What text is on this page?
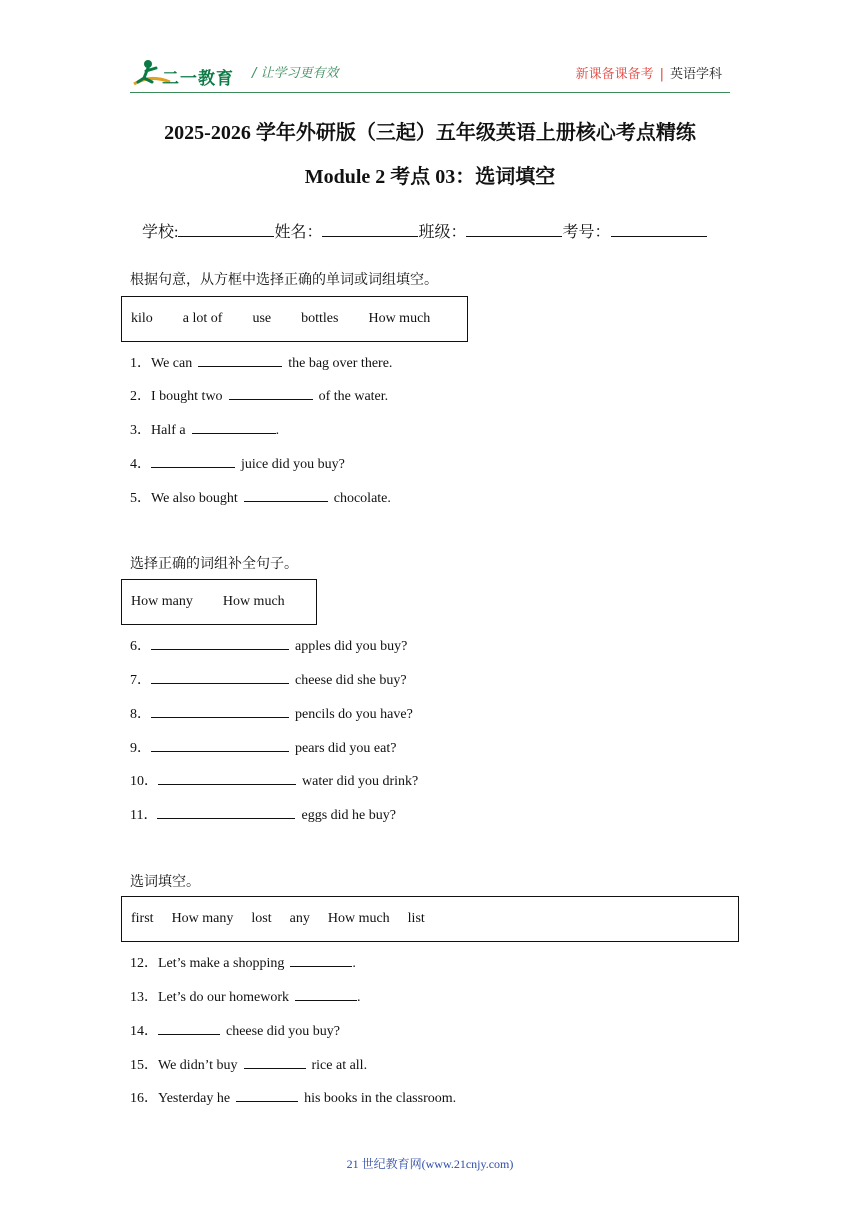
二一教育 / 让学习更有效	新课备课备考 | 英语学科
2025-2026 学年外研版（三起）五年级英语上册核心考点精练
Module 2 考点 03：选词填空
学校:	姓名：	班级：	考号：
根据句意，从方框中选择正确的单词或词组填空。
kilo a lot of use bottles How much
1．We can	the bag over there.
2．I bought two	of the water.
3．Half a	.
4．	juice did you buy?
5．We also bought	chocolate.
选择正确的词组补全句子。
How many How much
6．	apples did you buy?
7．	cheese did she buy?
8．	pencils do you have?
9．	pears did you eat?
10．	water did you drink?
11．	eggs did he buy?
选词填空。
first How many lost any How much list
12．Let’s make a shopping	.
13．Let’s do our homework	.
14．	cheese did you buy?
15．We didn’t buy	rice at all.
16．Yesterday he	his books in the classroom.
21 世纪教育网(www.21cnjy.com)
